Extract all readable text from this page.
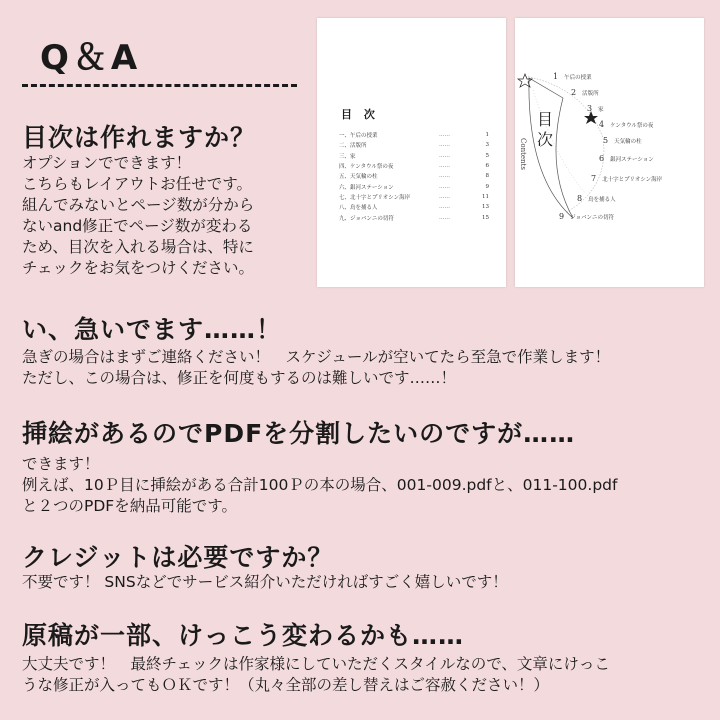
Q＆A
目 次
一、午后の授業	……	1
二、活版所	……	3
三、家	……	5
四、ケンタウル祭の夜	……	6
五、天気輪の柱	……	8
六、銀河ステーション	……	9
七、北十字とプリオシン海岸	……	11
八、鳥を捕る人	……	13
九、ジョバンニの切符	……	15
目次
Contents
1 午后の授業
2 活版所
3 家
4 ケンタウル祭の夜
5 天気輪の柱
6 銀河ステーション
7 北十字とプリオシン海岸
8 鳥を捕る人
9 ジョバンニの切符
目次は作れますか？
オプションでできます！
こちらもレイアウトお任せです。
組んでみないとページ数が分から
ないand修正でページ数が変わる
ため、目次を入れる場合は、特に
チェックをお気をつけください。
い、急いでます……！
急ぎの場合はまずご連絡ください！　スケジュールが空いてたら至急で作業します！
ただし、この場合は、修正を何度もするのは難しいです……！
挿絵があるのでPDFを分割したいのですが……
できます！
例えば、10Ｐ目に挿絵がある合計100Ｐの本の場合、001-009.pdfと、011-100.pdf
と２つのPDFを納品可能です。
クレジットは必要ですか？
不要です！ SNSなどでサービス紹介いただければすごく嬉しいです！
原稿が一部、けっこう変わるかも……
大丈夫です！　最終チェックは作家様にしていただくスタイルなので、文章にけっこ
うな修正が入ってもＯＫです！（丸々全部の差し替えはご容赦ください！）
